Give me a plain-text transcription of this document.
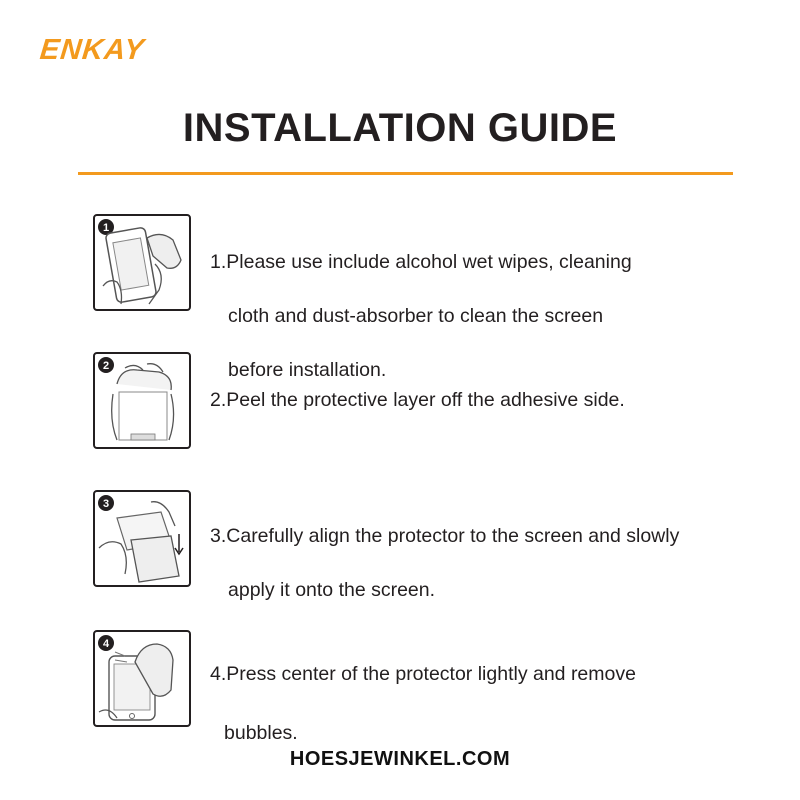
ENKAY
INSTALLATION GUIDE
1

1.Please use include alcohol wet wipes, cleaning

cloth and dust-absorber to clean the screen

before installation.

2

2.Peel the protective layer off the adhesive side.

3

3.Carefully align the protector to the screen and slowly

apply it onto the screen.

4

4.Press center of the protector lightly and remove

bubbles.

HOESJEWINKEL.COM
